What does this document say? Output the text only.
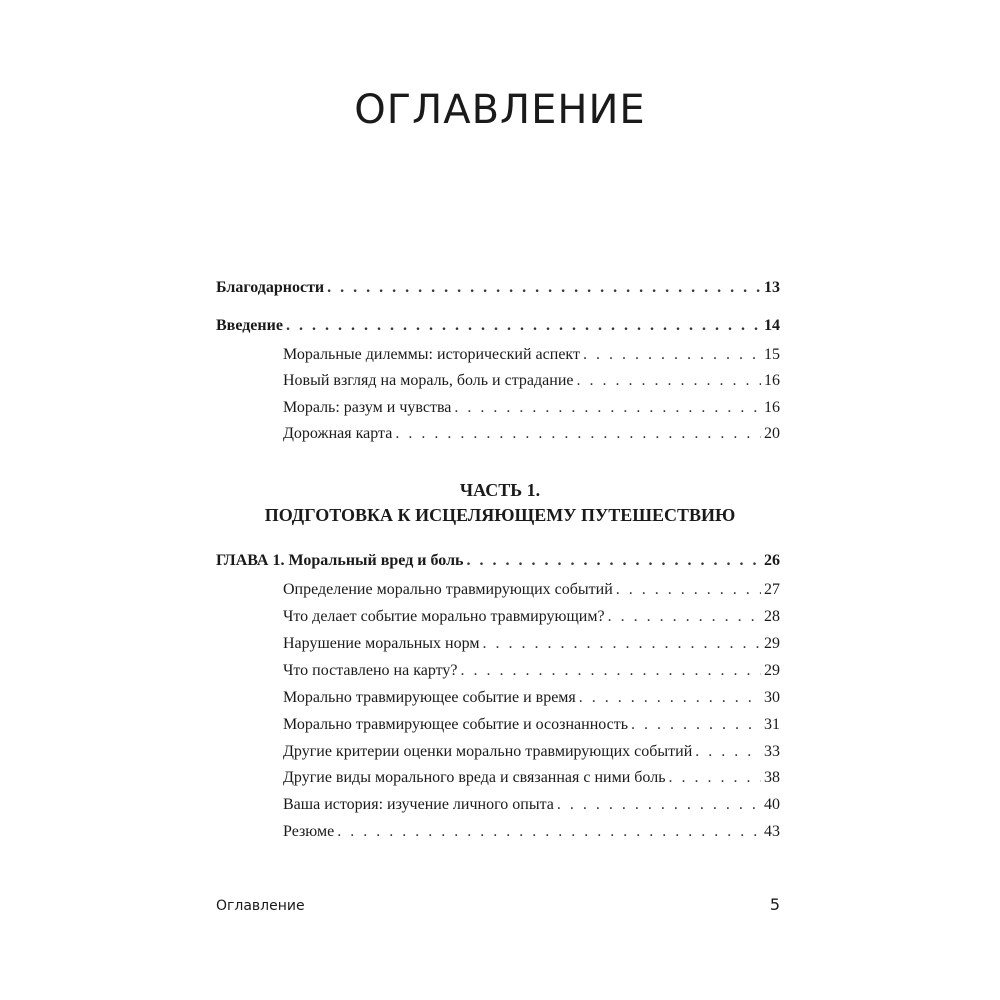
ОГЛАВЛЕНИЕ
Благодарности . . .	13
Введение . . .	14
Моральные дилеммы: исторический аспект . . .	15
Новый взгляд на мораль, боль и страдание . . .	16
Мораль: разум и чувства . . .	16
Дорожная карта . . .	20
ЧАСТЬ 1.
ПОДГОТОВКА К ИСЦЕЛЯЮЩЕМУ ПУТЕШЕСТВИЮ
ГЛАВА 1. Моральный вред и боль . . .	26
Определение морально травмирующих событий . . .	27
Что делает событие морально травмирующим? . . .	28
Нарушение моральных норм . . .	29
Что поставлено на карту? . . .	29
Морально травмирующее событие и время . . .	30
Морально травмирующее событие и осознанность . . .	31
Другие критерии оценки морально травмирующих событий . . .	33
Другие виды морального вреда и связанная с ними боль . . .	38
Ваша история: изучение личного опыта . . .	40
Резюме . . .	43
Оглавление	5
